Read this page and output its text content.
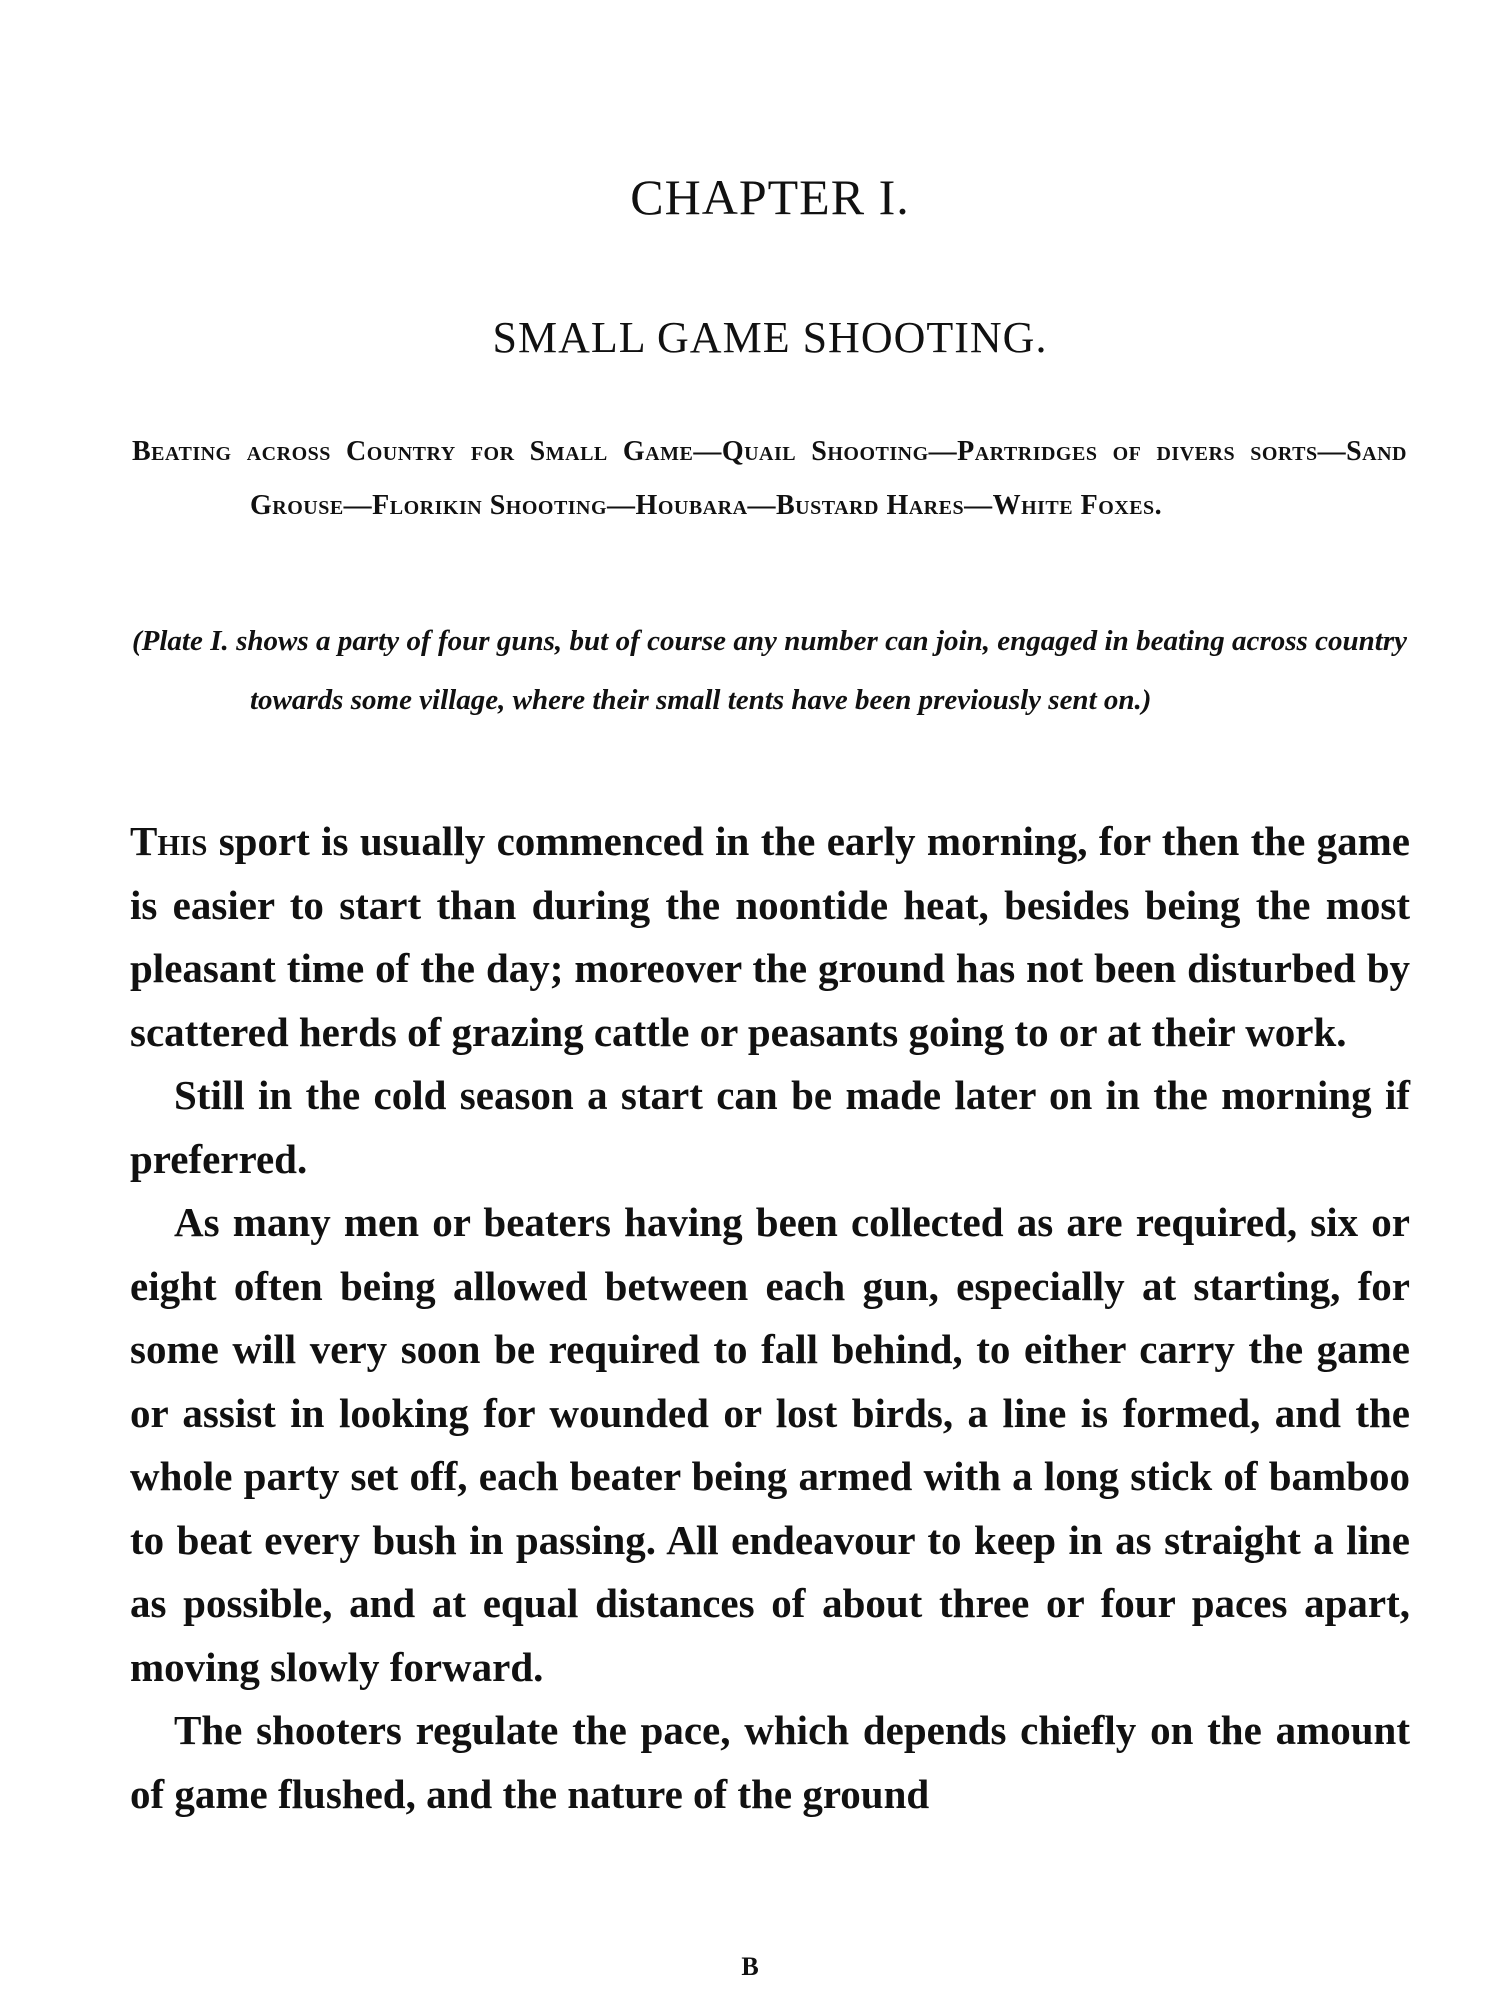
CHAPTER I.
SMALL GAME SHOOTING.

Beating across Country for Small Game—Quail Shooting—Partridges of divers sorts—Sand Grouse—Florikin Shooting—Houbara—Bustard Hares—White Foxes.

(Plate I. shows a party of four guns, but of course any number can join, engaged in beating across country towards some village, where their small tents have been previously sent on.)

This sport is usually commenced in the early morning, for then the game is easier to start than during the noontide heat, besides being the most pleasant time of the day; moreover the ground has not been disturbed by scattered herds of grazing cattle or peasants going to or at their work.

Still in the cold season a start can be made later on in the morning if preferred.

As many men or beaters having been collected as are required, six or eight often being allowed between each gun, especially at starting, for some will very soon be required to fall behind, to either carry the game or assist in looking for wounded or lost birds, a line is formed, and the whole party set off, each beater being armed with a long stick of bamboo to beat every bush in passing. All endeavour to keep in as straight a line as possible, and at equal distances of about three or four paces apart, moving slowly forward.

The shooters regulate the pace, which depends chiefly on the amount of game flushed, and the nature of the ground

B
